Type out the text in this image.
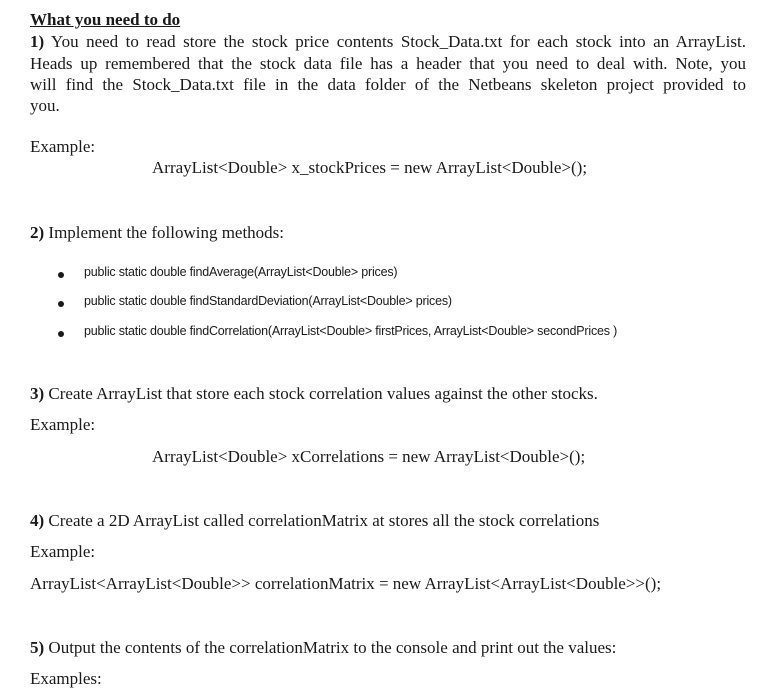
What you need to do
1) You need to read store the stock price contents Stock_Data.txt for each stock into an ArrayList.
Heads up remembered that the stock data file has a header that you need to deal with. Note, you
will find the Stock_Data.txt file in the data folder of the Netbeans skeleton project provided to
you.
Example:
ArrayList<Double> x_stockPrices = new ArrayList<Double>();
2) Implement the following methods:
public static double findAverage(ArrayList<Double> prices)
public static double findStandardDeviation(ArrayList<Double> prices)
public static double findCorrelation(ArrayList<Double> firstPrices, ArrayList<Double> secondPrices )
3) Create ArrayList that store each stock correlation values against the other stocks.
Example:
ArrayList<Double> xCorrelations = new ArrayList<Double>();
4) Create a 2D ArrayList called correlationMatrix at stores all the stock correlations
Example:
ArrayList<ArrayList<Double>> correlationMatrix = new ArrayList<ArrayList<Double>>();
5) Output the contents of the correlationMatrix to the console and print out the values:
Examples:
